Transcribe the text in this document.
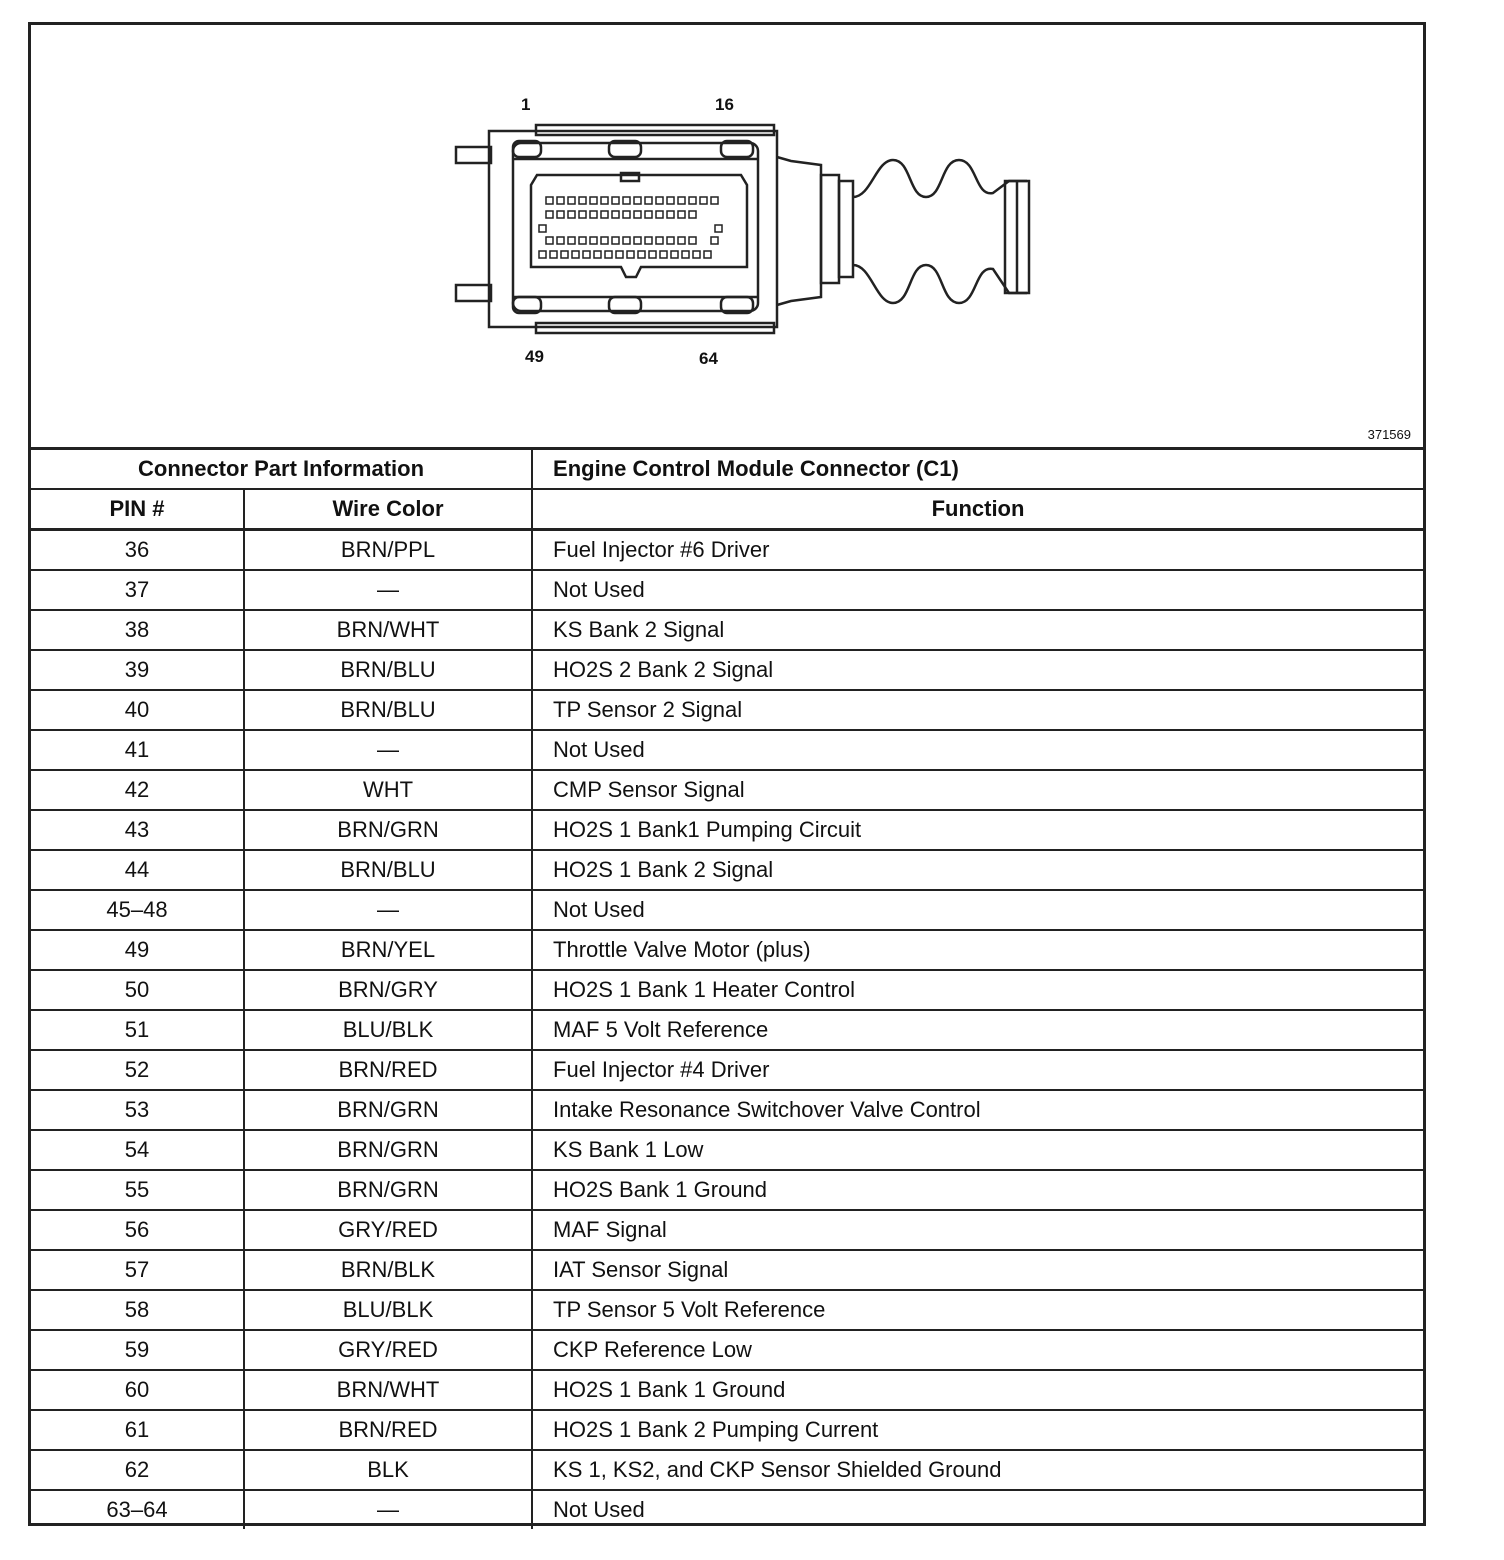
1	16
49	64
371569
Connector Part Information		Engine Control Module Connector (C1)
PIN #	Wire Color	Function
36	BRN/PPL	Fuel Injector #6 Driver
37	—	Not Used
38	BRN/WHT	KS Bank 2 Signal
39	BRN/BLU	HO2S 2 Bank 2 Signal
40	BRN/BLU	TP Sensor 2 Signal
41	—	Not Used
42	WHT	CMP Sensor Signal
43	BRN/GRN	HO2S 1 Bank1 Pumping Circuit
44	BRN/BLU	HO2S 1 Bank 2 Signal
45–48	—	Not Used
49	BRN/YEL	Throttle Valve Motor (plus)
50	BRN/GRY	HO2S 1 Bank 1 Heater Control
51	BLU/BLK	MAF 5 Volt Reference
52	BRN/RED	Fuel Injector #4 Driver
53	BRN/GRN	Intake Resonance Switchover Valve Control
54	BRN/GRN	KS Bank 1 Low
55	BRN/GRN	HO2S Bank 1 Ground
56	GRY/RED	MAF Signal
57	BRN/BLK	IAT Sensor Signal
58	BLU/BLK	TP Sensor 5 Volt Reference
59	GRY/RED	CKP Reference Low
60	BRN/WHT	HO2S 1 Bank 1 Ground
61	BRN/RED	HO2S 1 Bank 2 Pumping Current
62	BLK	KS 1, KS2, and CKP Sensor Shielded Ground
63–64	—	Not Used
